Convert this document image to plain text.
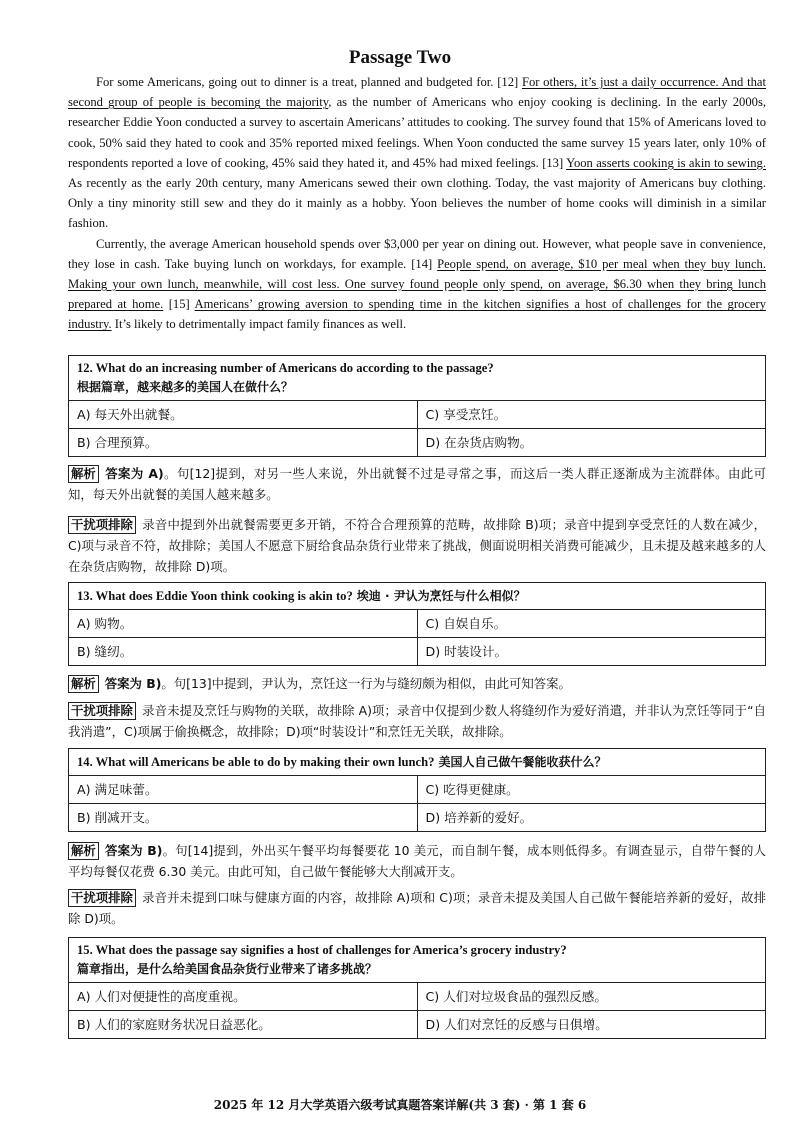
Passage Two

For some Americans, going out to dinner is a treat, planned and budgeted for. [12] For others, it’s just a daily occurrence. And that second group of people is becoming the majority, as the number of Americans who enjoy cooking is declining. In the early 2000s, researcher Eddie Yoon conducted a survey to ascertain Americans’ attitudes to cooking. The survey found that 15% of Americans loved to cook, 50% said they hated to cook and 35% reported mixed feelings. When Yoon conducted the same survey 15 years later, only 10% of respondents reported a love of cooking, 45% said they hated it, and 45% had mixed feelings. [13] Yoon asserts cooking is akin to sewing. As recently as the early 20th century, many Americans sewed their own clothing. Today, the vast majority of Americans buy clothing. Only a tiny minority still sew and they do it mainly as a hobby. Yoon believes the number of home cooks will diminish in a similar fashion.

Currently, the average American household spends over $3,000 per year on dining out. However, what people save in convenience, they lose in cash. Take buying lunch on workdays, for example. [14] People spend, on average, $10 per meal when they buy lunch. Making your own lunch, meanwhile, will cost less. One survey found people only spend, on average, $6.30 when they bring lunch prepared at home. [15] Americans’ growing aversion to spending time in the kitchen signifies a host of challenges for the grocery industry. It’s likely to detrimentally impact family finances as well.

12. What do an increasing number of Americans do according to the passage?
根据篇章，越来越多的美国人在做什么？
A) 每天外出就餐。	C) 享受烹饪。
B) 合理预算。	D) 在杂货店购物。
解析 答案为 A)。句[12]提到，对另一些人来说，外出就餐不过是寻常之事，而这后一类人群正逐渐成为主流群体。由此可知，每天外出就餐的美国人越来越多。
干扰项排除 录音中提到外出就餐需要更多开销，不符合合理预算的范畴，故排除 B)项；录音中提到享受烹饪的人数在减少，C)项与录音不符，故排除；美国人不愿意下厨给食品杂货行业带来了挑战，侧面说明相关消费可能减少，且未提及越来越多的人在杂货店购物，故排除 D)项。
13. What does Eddie Yoon think cooking is akin to? 埃迪 · 尹认为烹饪与什么相似？
A) 购物。	C) 自娱自乐。
B) 缝纫。	D) 时装设计。
解析 答案为 B)。句[13]中提到，尹认为，烹饪这一行为与缝纫颇为相似，由此可知答案。
干扰项排除 录音未提及烹饪与购物的关联，故排除 A)项；录音中仅提到少数人将缝纫作为爱好消遣，并非认为烹饪等同于“自我消遣”，C)项属于偷换概念，故排除；D)项“时装设计”和烹饪无关联，故排除。
14. What will Americans be able to do by making their own lunch? 美国人自己做午餐能收获什么？
A) 满足味蕾。	C) 吃得更健康。
B) 削减开支。	D) 培养新的爱好。
解析 答案为 B)。句[14]提到，外出买午餐平均每餐要花 10 美元，而自制午餐，成本则低得多。有调查显示，自带午餐的人平均每餐仅花费 6.30 美元。由此可知，自己做午餐能够大大削减开支。
干扰项排除 录音并未提到口味与健康方面的内容，故排除 A)项和 C)项；录音未提及美国人自己做午餐能培养新的爱好，故排除 D)项。
15. What does the passage say signifies a host of challenges for America’s grocery industry?
篇章指出，是什么给美国食品杂货行业带来了诸多挑战？
A) 人们对便捷性的高度重视。	C) 人们对垃圾食品的强烈反感。
B) 人们的家庭财务状况日益恶化。	D) 人们对烹饪的反感与日俱增。
2025 年 12 月大学英语六级考试真题答案详解(共 3 套) · 第 1 套 6
